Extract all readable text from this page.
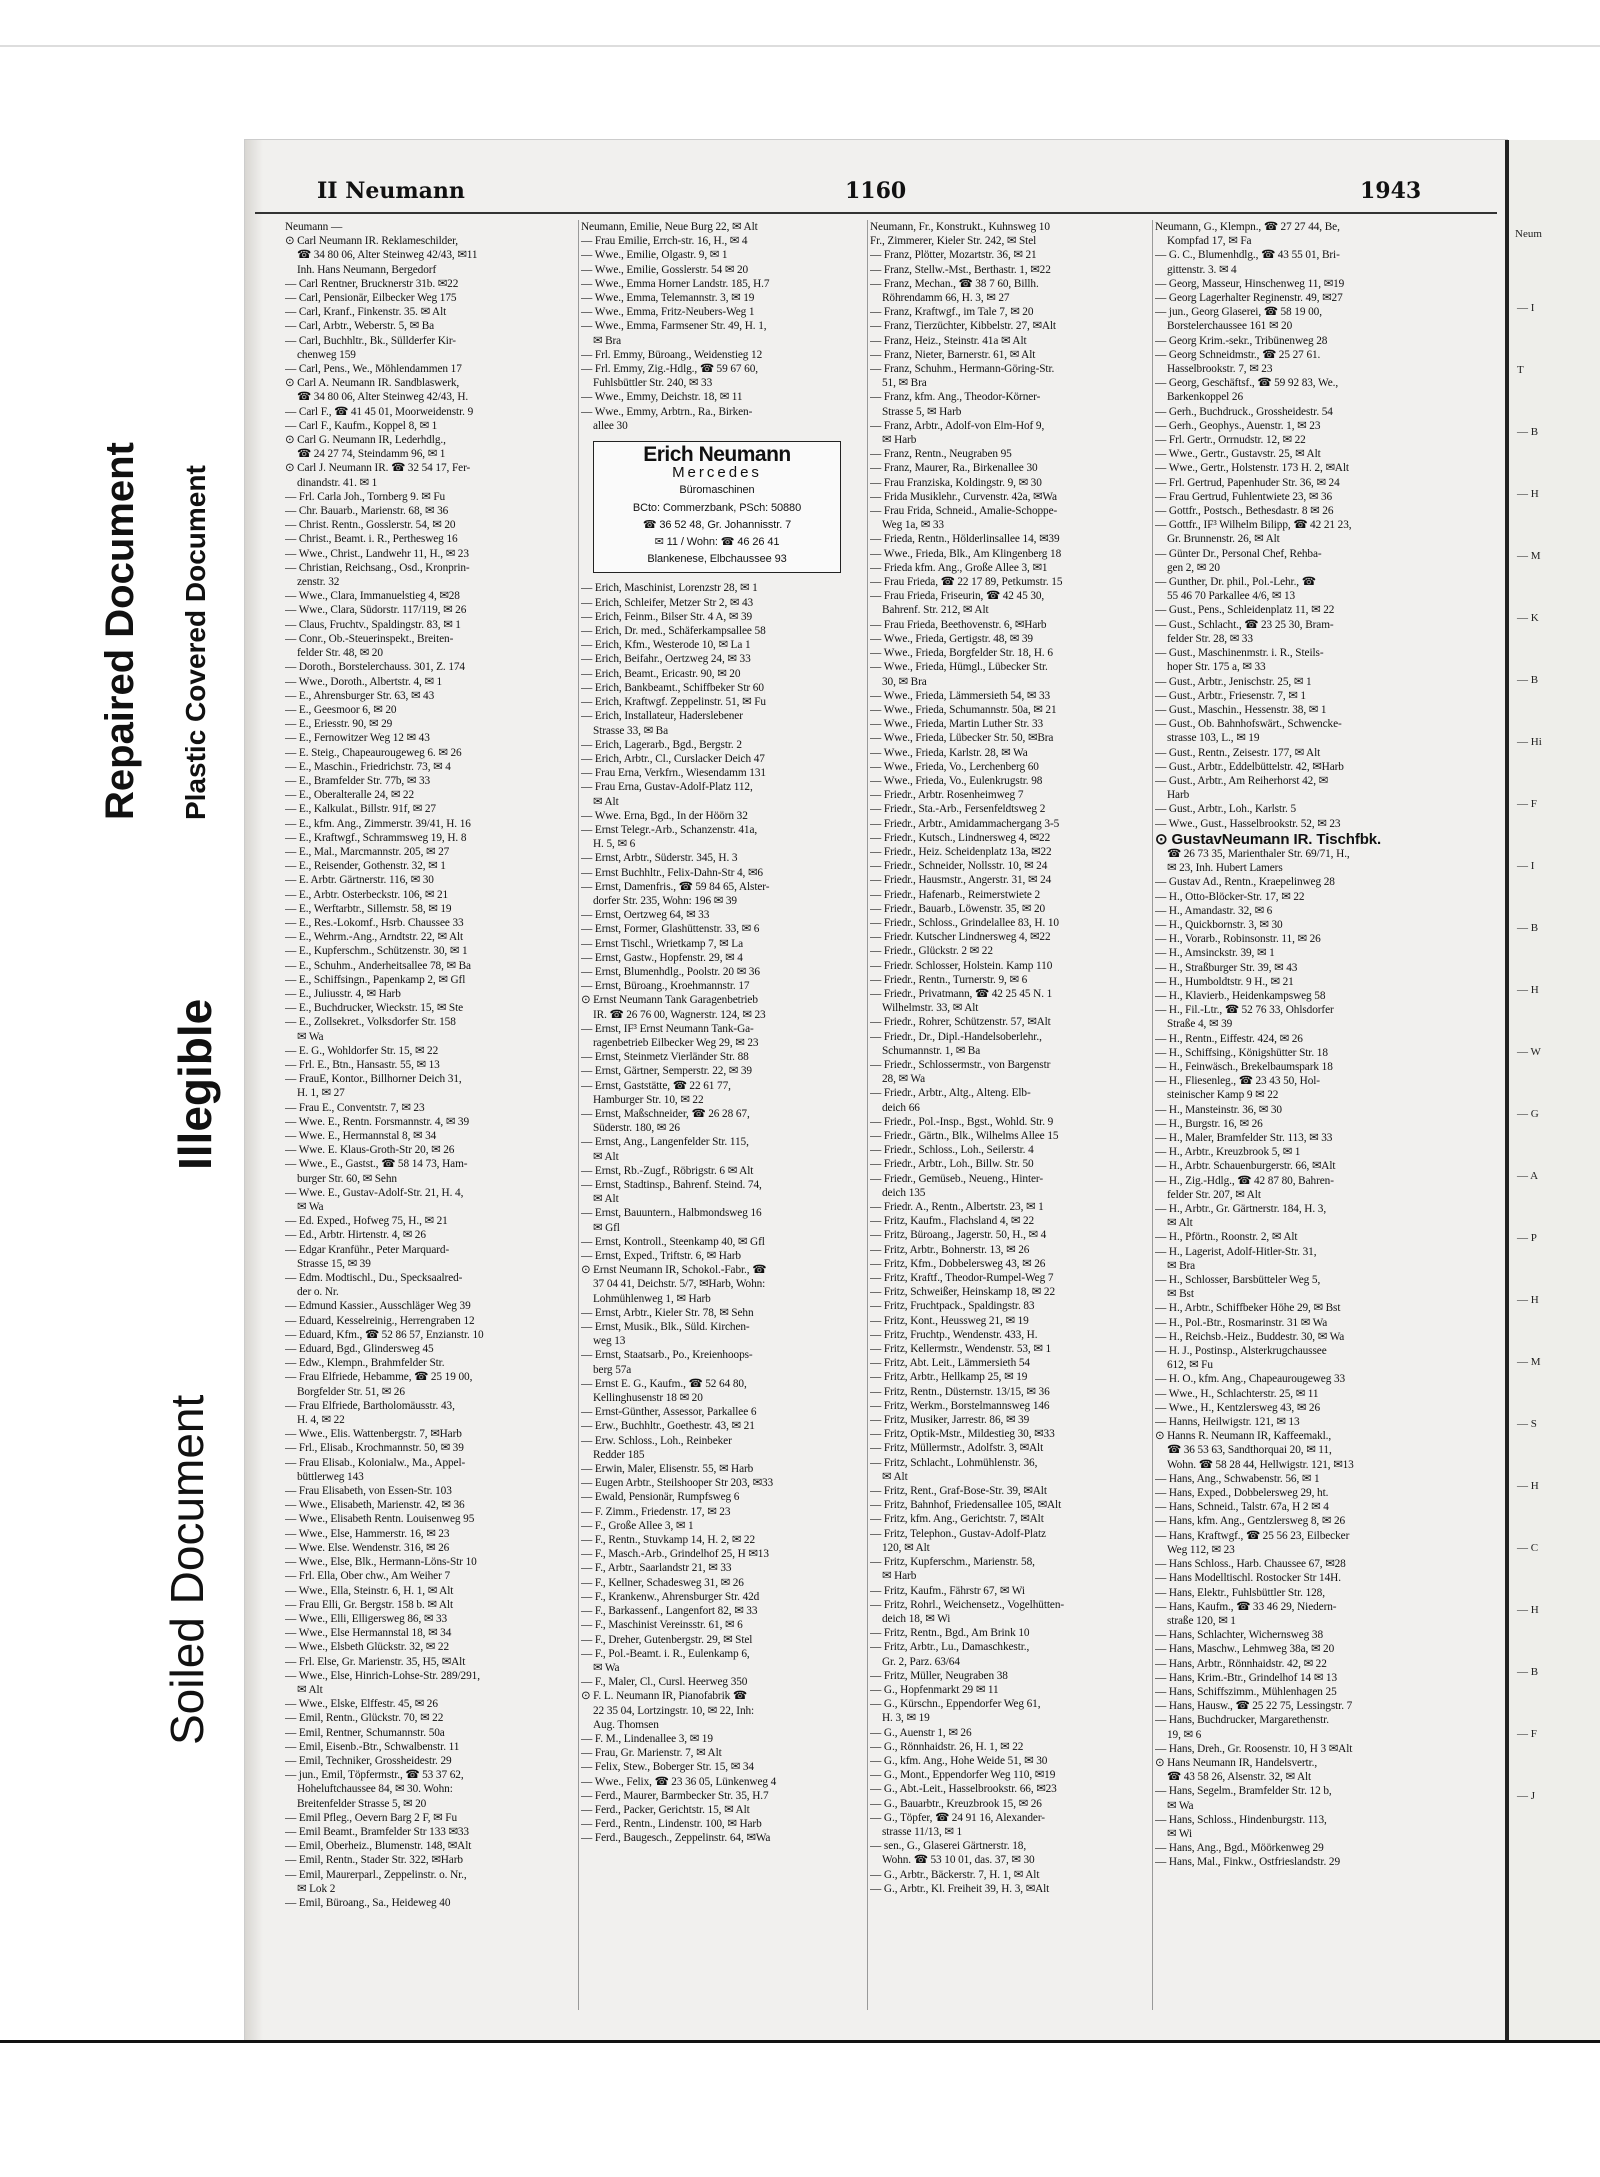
Repaired Document Plastic Covered Document
Illegible
Soiled Document
II Neumann	1160	1943
Neumann —
⊙ Carl Neumann IR. Reklameschilder,
☎ 34 80 06, Alter Steinweg 42/43, ✉11
Inh. Hans Neumann, Bergedorf
— Carl Rentner, Brucknerstr 31b. ✉22
— Carl, Pensionär, Eilbecker Weg 175
— Carl, Kranf., Finkenstr. 35. ✉ Alt
— Carl, Arbtr., Weberstr. 5, ✉ Ba
— Carl, Buchhltr., Bk., Süllderfer Kir-
chenweg 159
— Carl, Pens., We., Möhlendammen 17
⊙ Carl A. Neumann IR. Sandblaswerk,
☎ 34 80 06, Alter Steinweg 42/43, H.
— Carl F., ☎ 41 45 01, Moorweidenstr. 9
— Carl F., Kaufm., Koppel 8, ✉ 1
⊙ Carl G. Neumann IR, Lederhdlg.,
☎ 24 27 74, Steindamm 96, ✉ 1
⊙ Carl J. Neumann IR. ☎ 32 54 17, Fer-
dinandstr. 41. ✉ 1
— Frl. Carla Joh., Tornberg 9. ✉ Fu
— Chr. Bauarb., Marienstr. 68, ✉ 36
— Christ. Rentn., Gosslerstr. 54, ✉ 20
— Christ., Beamt. i. R., Perthesweg 16
— Wwe., Christ., Landwehr 11, H., ✉ 23
— Christian, Reichsang., Osd., Kronprin-
zenstr. 32
— Wwe., Clara, Immanuelstieg 4, ✉28
— Wwe., Clara, Südorstr. 117/119, ✉ 26
— Claus, Fruchtv., Spaldingstr. 83, ✉ 1
— Conr., Ob.-Steuerinspekt., Breiten-
felder Str. 48, ✉ 20
— Doroth., Borstelerchauss. 301, Z. 174
— Wwe., Doroth., Albertstr. 4, ✉ 1
— E., Ahrensburger Str. 63, ✉ 43
— E., Geesmoor 6, ✉ 20
— E., Eriesstr. 90, ✉ 29
— E., Fernowitzer Weg 12 ✉ 43
— E. Steig., Chapeaurougeweg 6. ✉ 26
— E., Maschin., Friedrichstr. 73, ✉ 4
— E., Bramfelder Str. 77b, ✉ 33
— E., Oberalteralle 24, ✉ 22
— E., Kalkulat., Billstr. 91f, ✉ 27
— E., kfm. Ang., Zimmerstr. 39/41, H. 16
— E., Kraftwgf., Schrammsweg 19, H. 8
— E., Mal., Marcmannstr. 205, ✉ 27
— E., Reisender, Gothenstr. 32, ✉ 1
— E. Arbtr. Gärtnerstr. 116, ✉ 30
— E., Arbtr. Osterbeckstr. 106, ✉ 21
— E., Werftarbtr., Sillemstr. 58, ✉ 19
— E., Res.-Lokomf., Hsrb. Chaussee 33
— E., Wehrm.-Ang., Arndtstr. 22, ✉ Alt
— E., Kupferschm., Schützenstr. 30, ✉ 1
— E., Schuhm., Anderheitsallee 78, ✉ Ba
— E., Schiffsingn., Papenkamp 2, ✉ Gfl
— E., Juliusstr. 4, ✉ Harb
— E., Buchdrucker, Wieckstr. 15, ✉ Ste
— E., Zollsekret., Volksdorfer Str. 158
✉ Wa
— E. G., Wohldorfer Str. 15, ✉ 22
— Frl. E., Btn., Hansastr. 55, ✉ 13
— FrauE, Kontor., Billhorner Deich 31,
H. 1, ✉ 27
— Frau E., Conventstr. 7, ✉ 23
— Wwe. E., Rentn. Forsmannstr. 4, ✉ 39
— Wwe. E., Hermannstal 8, ✉ 34
— Wwe. E. Klaus-Groth-Str 20, ✉ 26
— Wwe., E., Gastst., ☎ 58 14 73, Ham-
burger Str. 60, ✉ Sehn
— Wwe. E., Gustav-Adolf-Str. 21, H. 4,
✉ Wa
— Ed. Exped., Hofweg 75, H., ✉ 21
— Ed., Arbtr. Hirtenstr. 4, ✉ 26
— Edgar Kranführ., Peter Marquard-
Strasse 15, ✉ 39
— Edm. Modtischl., Du., Specksaalred-
der o. Nr.
— Edmund Kassier., Ausschläger Weg 39
— Eduard, Kesselreinig., Herrengraben 12
— Eduard, Kfm., ☎ 52 86 57, Enzianstr. 10
— Eduard, Bgd., Glindersweg 45
— Edw., Klempn., Brahmfelder Str.
— Frau Elfriede, Hebamme, ☎ 25 19 00,
Borgfelder Str. 51, ✉ 26
— Frau Elfriede, Bartholomäusstr. 43,
H. 4, ✉ 22
— Wwe., Elis. Wattenbergstr. 7, ✉Harb
— Frl., Elisab., Krochmannstr. 50, ✉ 39
— Frau Elisab., Kolonialw., Ma., Appel-
büttlerweg 143
— Frau Elisabeth, von Essen-Str. 103
— Wwe., Elisabeth, Marienstr. 42, ✉ 36
— Wwe., Elisabeth Rentn. Louisenweg 95
— Wwe., Else, Hammerstr. 16, ✉ 23
— Wwe. Else. Wendenstr. 316, ✉ 26
— Wwe., Else, Blk., Hermann-Löns-Str 10
— Frl. Ella, Ober chw., Am Weiher 7
— Wwe., Ella, Steinstr. 6, H. 1, ✉ Alt
— Frau Elli, Gr. Bergstr. 158 b. ✉ Alt
— Wwe., Elli, Elligersweg 86, ✉ 33
— Wwe., Else Hermannstal 18, ✉ 34
— Wwe., Elsbeth Glückstr. 32, ✉ 22
— Frl. Else, Gr. Marienstr. 35, H5, ✉Alt
— Wwe., Else, Hinrich-Lohse-Str. 289/291,
✉ Alt
— Wwe., Elske, Elffestr. 45, ✉ 26
— Emil, Rentn., Glückstr. 70, ✉ 22
— Emil, Rentner, Schumannstr. 50a
— Emil, Eisenb.-Btr., Schwalbenstr. 11
— Emil, Techniker, Grossheidestr. 29
— jun., Emil, Töpfermstr., ☎ 53 37 62,
Hoheluftchaussee 84, ✉ 30. Wohn:
Breitenfelder Strasse 5, ✉ 20
— Emil Pfleg., Oevern Barg 2 F, ✉ Fu
— Emil Beamt., Bramfelder Str 133 ✉33
— Emil, Oberheiz., Blumenstr. 148, ✉Alt
— Emil, Rentn., Stader Str. 322, ✉Harb
— Emil, Maurerparl., Zeppelinstr. o. Nr.,
✉ Lok 2
— Emil, Büroang., Sa., Heideweg 40
Neumann, Emilie, Neue Burg 22, ✉ Alt
— Frau Emilie, Errch-str. 16, H., ✉ 4
— Wwe., Emilie, Olgastr. 9, ✉ 1
— Wwe., Emilie, Gosslerstr. 54 ✉ 20
— Wwe., Emma Horner Landstr. 185, H.7
— Wwe., Emma, Telemannstr. 3, ✉ 19
— Wwe., Emma, Fritz-Neubers-Weg 1
— Wwe., Emma, Farmsener Str. 49, H. 1,
✉ Bra
— Frl. Emmy, Büroang., Weidenstieg 12
— Frl. Emmy, Zig.-Hdlg., ☎ 59 67 60,
Fuhlsbüttler Str. 240, ✉ 33
— Wwe., Emmy, Deichstr. 18, ✉ 11
— Wwe., Emmy, Arbtrn., Ra., Birken-
allee 30
Erich Neumann
Mercedes
Büromaschinen
BCto: Commerzbank, PSch: 50880
☎ 36 52 48, Gr. Johannisstr. 7
✉ 11 / Wohn: ☎ 46 26 41
Blankenese, Elbchaussee 93
— Erich, Maschinist, Lorenzstr 28, ✉ 1
— Erich, Schleifer, Metzer Str 2, ✉ 43
— Erich, Feinm., Bilser Str. 4 A, ✉ 39
— Erich, Dr. med., Schäferkampsallee 58
— Erich, Kfm., Westerode 10, ✉ La 1
— Erich, Beifahr., Oertzweg 24, ✉ 33
— Erich, Beamt., Ericastr. 90, ✉ 20
— Erich, Bankbeamt., Schiffbeker Str 60
— Erich, Kraftwgf. Zeppelinstr. 51, ✉ Fu
— Erich, Installateur, Haderslebener
Strasse 33, ✉ Ba
— Erich, Lagerarb., Bgd., Bergstr. 2
— Erich, Arbtr., Cl., Curslacker Deich 47
— Frau Erna, Verkfrn., Wiesendamm 131
— Frau Erna, Gustav-Adolf-Platz 112,
✉ Alt
— Wwe. Erna, Bgd., In der Höörn 32
— Ernst Telegr.-Arb., Schanzenstr. 41a,
H. 5, ✉ 6
— Ernst, Arbtr., Süderstr. 345, H. 3
— Ernst Buchhltr., Felix-Dahn-Str 4, ✉6
— Ernst, Damenfris., ☎ 59 84 65, Alster-
dorfer Str. 235, Wohn: 196 ✉ 39
— Ernst, Oertzweg 64, ✉ 33
— Ernst, Former, Glashüttenstr. 33, ✉ 6
— Ernst Tischl., Wrietkamp 7, ✉ La
— Ernst, Gastw., Hopfenstr. 29, ✉ 4
— Ernst, Blumenhdlg., Poolstr. 20 ✉ 36
— Ernst, Büroang., Kroehmannstr. 17
⊙ Ernst Neumann Tank Garagenbetrieb
IR. ☎ 26 76 00, Wagnerstr. 124, ✉ 23
— Ernst, IF³ Ernst Neumann Tank-Ga-
ragenbetrieb Eilbecker Weg 29, ✉ 23
— Ernst, Steinmetz Vierländer Str. 88
— Ernst, Gärtner, Semperstr. 22, ✉ 39
— Ernst, Gaststätte, ☎ 22 61 77,
Hamburger Str. 10, ✉ 22
— Ernst, Maßschneider, ☎ 26 28 67,
Süderstr. 180, ✉ 26
— Ernst, Ang., Langenfelder Str. 115,
✉ Alt
— Ernst, Rb.-Zugf., Röbrigstr. 6 ✉ Alt
— Ernst, Stadtinsp., Bahrenf. Steind. 74,
✉ Alt
— Ernst, Bauuntern., Halbmondsweg 16
✉ Gfl
— Ernst, Kontroll., Steenkamp 40, ✉ Gfl
— Ernst, Exped., Triftstr. 6, ✉ Harb
⊙ Ernst Neumann IR, Schokol.-Fabr., ☎
37 04 41, Deichstr. 5/7, ✉Harb, Wohn:
Lohmühlenweg 1, ✉ Harb
— Ernst, Arbtr., Kieler Str. 78, ✉ Sehn
— Ernst, Musik., Blk., Süld. Kirchen-
weg 13
— Ernst, Staatsarb., Po., Kreienhoops-
berg 57a
— Ernst E. G., Kaufm., ☎ 52 64 80,
Kellinghusenstr 18 ✉ 20
— Ernst-Günther, Assessor, Parkallee 6
— Erw., Buchhltr., Goethestr. 43, ✉ 21
— Erw. Schloss., Loh., Reinbeker
Redder 185
— Erwin, Maler, Elisenstr. 55, ✉ Harb
— Eugen Arbtr., Steilshooper Str 203, ✉33
— Ewald, Pensionär, Rumpfsweg 6
— F. Zimm., Friedenstr. 17, ✉ 23
— F., Große Allee 3, ✉ 1
— F., Rentn., Stuvkamp 14, H. 2, ✉ 22
— F., Masch.-Arb., Grindelhof 25, H ✉13
— F., Arbtr., Saarlandstr 21, ✉ 33
— F., Kellner, Schadesweg 31, ✉ 26
— F., Krankenw., Ahrensburger Str. 42d
— F., Barkassenf., Langenfort 82, ✉ 33
— F., Maschinist Vereinsstr. 61, ✉ 6
— F., Dreher, Gutenbergstr. 29, ✉ Stel
— F., Pol.-Beamt. i. R., Eulenkamp 6,
✉ Wa
— F., Maler, Cl., Cursl. Heerweg 350
⊙ F. L. Neumann IR, Pianofabrik ☎
22 35 04, Lortzingstr. 10, ✉ 22, Inh:
Aug. Thomsen
— F. M., Lindenallee 3, ✉ 19
— Frau, Gr. Marienstr. 7, ✉ Alt
— Felix, Stew., Boberger Str. 15, ✉ 34
— Wwe., Felix, ☎ 23 36 05, Lünkenweg 4
— Ferd., Maurer, Barmbecker Str. 35, H.7
— Ferd., Packer, Gerichtstr. 15, ✉ Alt
— Ferd., Rentn., Lindenstr. 100, ✉ Harb
— Ferd., Baugesch., Zeppelinstr. 64, ✉Wa
Neumann, Fr., Konstrukt., Kuhnsweg 10
Fr., Zimmerer, Kieler Str. 242, ✉ Stel
— Franz, Plötter, Mozartstr. 36, ✉ 21
— Franz, Stellw.-Mst., Berthastr. 1, ✉22
— Franz, Mechan., ☎ 38 7 60, Billh.
Röhrendamm 66, H. 3, ✉ 27
— Franz, Kraftwgf., im Tale 7, ✉ 20
— Franz, Tierzüchter, Kibbelstr. 27, ✉Alt
— Franz, Heiz., Steinstr. 41a ✉ Alt
— Franz, Nieter, Barnerstr. 61, ✉ Alt
— Franz, Schuhm., Hermann-Göring-Str.
51, ✉ Bra
— Franz, kfm. Ang., Theodor-Körner-
Strasse 5, ✉ Harb
— Franz, Arbtr., Adolf-von Elm-Hof 9,
✉ Harb
— Franz, Rentn., Neugraben 95
— Franz, Maurer, Ra., Birkenallee 30
— Frau Franziska, Koldingstr. 9, ✉ 30
— Frida Musiklehr., Curvenstr. 42a, ✉Wa
— Frau Frida, Schneid., Amalie-Schoppe-
Weg 1a, ✉ 33
— Frieda, Rentn., Hölderlinsallee 14, ✉39
— Wwe., Frieda, Blk., Am Klingenberg 18
— Frieda kfm. Ang., Große Allee 3, ✉1
— Frau Frieda, ☎ 22 17 89, Petkumstr. 15
— Frau Frieda, Friseurin, ☎ 42 45 30,
Bahrenf. Str. 212, ✉ Alt
— Frau Frieda, Beethovenstr. 6, ✉Harb
— Wwe., Frieda, Gertigstr. 48, ✉ 39
— Wwe., Frieda, Borgfelder Str. 18, H. 6
— Wwe., Frieda, Hümgl., Lübecker Str.
30, ✉ Bra
— Wwe., Frieda, Lämmersieth 54, ✉ 33
— Wwe., Frieda, Schumannstr. 50a, ✉ 21
— Wwe., Frieda, Martin Luther Str. 33
— Wwe., Frieda, Lübecker Str. 50, ✉Bra
— Wwe., Frieda, Karlstr. 28, ✉ Wa
— Wwe., Frieda, Vo., Lerchenberg 60
— Wwe., Frieda, Vo., Eulenkrugstr. 98
— Friedr., Arbtr. Rosenheimweg 7
— Friedr., Sta.-Arb., Fersenfeldtsweg 2
— Friedr., Arbtr., Amidammachergang 3-5
— Friedr., Kutsch., Lindnersweg 4, ✉22
— Friedr., Heiz. Scheidenplatz 13a, ✉22
— Friedr., Schneider, Nollsstr. 10, ✉ 24
— Friedr., Hausmstr., Angerstr. 31, ✉ 24
— Friedr., Hafenarb., Reimerstwiete 2
— Friedr., Bauarb., Löwenstr. 35, ✉ 20
— Friedr., Schloss., Grindelallee 83, H. 10
— Friedr. Kutscher Lindnersweg 4, ✉22
— Friedr., Glückstr. 2 ✉ 22
— Friedr. Schlosser, Holstein. Kamp 110
— Friedr., Rentn., Turnerstr. 9, ✉ 6
— Friedr., Privatmann, ☎ 42 25 45 N. 1
Wilhelmstr. 33, ✉ Alt
— Friedr., Rohrer, Schützenstr. 57, ✉Alt
— Friedr., Dr., Dipl.-Handelsoberlehr.,
Schumannstr. 1, ✉ Ba
— Friedr., Schlossermstr., von Bargenstr
28, ✉ Wa
— Friedr., Arbtr., Altg., Alteng. Elb-
deich 66
— Friedr., Pol.-Insp., Bgst., Wohld. Str. 9
— Friedr., Gärtn., Blk., Wilhelms Allee 15
— Friedr., Schloss., Loh., Seilerstr. 4
— Friedr., Arbtr., Loh., Billw. Str. 50
— Friedr., Gemüseb., Neueng., Hinter-
deich 135
— Friedr. A., Rentn., Albertstr. 23, ✉ 1
— Fritz, Kaufm., Flachsland 4, ✉ 22
— Fritz, Büroang., Jagerstr. 50, H., ✉ 4
— Fritz, Arbtr., Bohnerstr. 13, ✉ 26
— Fritz, Kfm., Dobbelersweg 43, ✉ 26
— Fritz, Kraftf., Theodor-Rumpel-Weg 7
— Fritz, Schweißer, Heinskamp 18, ✉ 22
— Fritz, Fruchtpack., Spaldingstr. 83
— Fritz, Kont., Heussweg 21, ✉ 19
— Fritz, Fruchtp., Wendenstr. 433, H.
— Fritz, Kellermstr., Wendenstr. 53, ✉ 1
— Fritz, Abt. Leit., Lämmersieth 54
— Fritz, Arbtr., Hellkamp 25, ✉ 19
— Fritz, Rentn., Düsternstr. 13/15, ✉ 36
— Fritz, Werkm., Borstelmannsweg 146
— Fritz, Musiker, Jarrestr. 86, ✉ 39
— Fritz, Optik-Mstr., Mildestieg 30, ✉33
— Fritz, Müllermstr., Adolfstr. 3, ✉Alt
— Fritz, Schlacht., Lohmühlenstr. 36,
✉ Alt
— Fritz, Rent., Graf-Bose-Str. 39, ✉Alt
— Fritz, Bahnhof, Friedensallee 105, ✉Alt
— Fritz, kfm. Ang., Gerichtstr. 7, ✉Alt
— Fritz, Telephon., Gustav-Adolf-Platz
120, ✉ Alt
— Fritz, Kupferschm., Marienstr. 58,
✉ Harb
— Fritz, Kaufm., Fährstr 67, ✉ Wi
— Fritz, Rohrl., Weichensetz., Vogelhütten-
deich 18, ✉ Wi
— Fritz, Rentn., Bgd., Am Brink 10
— Fritz, Arbtr., Lu., Damaschkestr.,
Gr. 2, Parz. 63/64
— Fritz, Müller, Neugraben 38
— G., Hopfenmarkt 29 ✉ 11
— G., Kürschn., Eppendorfer Weg 61,
H. 3, ✉ 19
— G., Auenstr 1, ✉ 26
— G., Rönnhaidstr. 26, H. 1, ✉ 22
— G., kfm. Ang., Hohe Weide 51, ✉ 30
— G., Mont., Eppendorfer Weg 110, ✉19
— G., Abt.-Leit., Hasselbrookstr. 66, ✉23
— G., Bauarbtr., Kreuzbrook 15, ✉ 26
— G., Töpfer, ☎ 24 91 16, Alexander-
strasse 11/13, ✉ 1
— sen., G., Glaserei Gärtnerstr. 18,
Wohn. ☎ 53 10 01, das. 37, ✉ 30
— G., Arbtr., Bäckerstr. 7, H. 1, ✉ Alt
— G., Arbtr., Kl. Freiheit 39, H. 3, ✉Alt
Neumann, G., Klempn., ☎ 27 27 44, Be,
Kompfad 17, ✉ Fa
— G. C., Blumenhdlg., ☎ 43 55 01, Bri-
gittenstr. 3. ✉ 4
— Georg, Masseur, Hinschenweg 11, ✉19
— Georg Lagerhalter Reginenstr. 49, ✉27
— jun., Georg Glaserei, ☎ 58 19 00,
Borstelerchaussee 161 ✉ 20
— Georg Krim.-sekr., Tribünenweg 28
— Georg Schneidmstr., ☎ 25 27 61.
Hasselbrookstr. 7, ✉ 23
— Georg, Geschäftsf., ☎ 59 92 83, We.,
Barkenkoppel 26
— Gerh., Buchdruck., Grossheidestr. 54
— Gerh., Geophys., Auenstr. 1, ✉ 23
— Frl. Gertr., Orrnudstr. 12, ✉ 22
— Wwe., Gertr., Gustavstr. 25, ✉ Alt
— Wwe., Gertr., Holstenstr. 173 H. 2, ✉Alt
— Frl. Gertrud, Papenhuder Str. 36, ✉ 24
— Frau Gertrud, Fuhlentwiete 23, ✉ 36
— Gottfr., Postsch., Bethesdastr. 8 ✉ 26
— Gottfr., IF³ Wilhelm Bilipp, ☎ 42 21 23,
Gr. Brunnenstr. 26, ✉ Alt
— Günter Dr., Personal Chef, Rehba-
gen 2, ✉ 20
— Gunther, Dr. phil., Pol.-Lehr., ☎
55 46 70 Parkallee 4/6, ✉ 13
— Gust., Pens., Schleidenplatz 11, ✉ 22
— Gust., Schlacht., ☎ 23 25 30, Bram-
felder Str. 28, ✉ 33
— Gust., Maschinenmstr. i. R., Steils-
hoper Str. 175 a, ✉ 33
— Gust., Arbtr., Jenischstr. 25, ✉ 1
— Gust., Arbtr., Friesenstr. 7, ✉ 1
— Gust., Maschin., Hessenstr. 38, ✉ 1
— Gust., Ob. Bahnhofswärt., Schwencke-
strasse 103, L., ✉ 19
— Gust., Rentn., Zeisestr. 177, ✉ Alt
— Gust., Arbtr., Eddelbüttelstr. 42, ✉Harb
— Gust., Arbtr., Am Reiherhorst 42, ✉
Harb
— Gust., Arbtr., Loh., Karlstr. 5
— Wwe., Gust., Hasselbrookstr. 52, ✉ 23
⊙ GustavNeumann IR. Tischfbk.
☎ 26 73 35, Marienthaler Str. 69/71, H.,
✉ 23, Inh. Hubert Lamers
— Gustav Ad., Rentn., Kraepelinweg 28
— H., Otto-Blöcker-Str. 17, ✉ 22
— H., Amandastr. 32, ✉ 6
— H., Quickbornstr. 3, ✉ 30
— H., Vorarb., Robinsonstr. 11, ✉ 26
— H., Amsinckstr. 39, ✉ 1
— H., Straßburger Str. 39, ✉ 43
— H., Humboldtstr. 9 H., ✉ 21
— H., Klavierb., Heidenkampsweg 58
— H., Fil.-Ltr., ☎ 52 76 33, Ohlsdorfer
Straße 4, ✉ 39
— H., Rentn., Eiffestr. 424, ✉ 26
— H., Schiffsing., Königshütter Str. 18
— H., Feinwäsch., Brekelbaumspark 18
— H., Fliesenleg., ☎ 23 43 50, Hol-
steinischer Kamp 9 ✉ 22
— H., Mansteinstr. 36, ✉ 30
— H., Burgstr. 16, ✉ 26
— H., Maler, Bramfelder Str. 113, ✉ 33
— H., Arbtr., Kreuzbrook 5, ✉ 1
— H., Arbtr. Schauenburgerstr. 66, ✉Alt
— H., Zig.-Hdlg., ☎ 42 87 80, Bahren-
felder Str. 207, ✉ Alt
— H., Arbtr., Gr. Gärtnerstr. 184, H. 3,
✉ Alt
— H., Pförtn., Roonstr. 2, ✉ Alt
— H., Lagerist, Adolf-Hitler-Str. 31,
✉ Bra
— H., Schlosser, Barsbütteler Weg 5,
✉ Bst
— H., Arbtr., Schiffbeker Höhe 29, ✉ Bst
— H., Pol.-Btr., Rosmarinstr. 31 ✉ Wa
— H., Reichsb.-Heiz., Buddestr. 30, ✉ Wa
— H. J., Postinsp., Alsterkrugchaussee
612, ✉ Fu
— H. O., kfm. Ang., Chapeaurougeweg 33
— Wwe., H., Schlachterstr. 25, ✉ 11
— Wwe., H., Kentzlersweg 43, ✉ 26
— Hanns, Heilwigstr. 121, ✉ 13
⊙ Hanns R. Neumann IR, Kaffeemakl.,
☎ 36 53 63, Sandthorquai 20, ✉ 11,
Wohn. ☎ 58 28 44, Hellwigstr. 121, ✉13
— Hans, Ang., Schwabenstr. 56, ✉ 1
— Hans, Exped., Dobbelersweg 29, ht.
— Hans, Schneid., Talstr. 67a, H 2 ✉ 4
— Hans, kfm. Ang., Gentzlersweg 8, ✉ 26
— Hans, Kraftwgf., ☎ 25 56 23, Eilbecker
Weg 112, ✉ 23
— Hans Schloss., Harb. Chaussee 67, ✉28
— Hans Modelltischl. Rostocker Str 14H.
— Hans, Elektr., Fuhlsbüttler Str. 128,
— Hans, Kaufm., ☎ 33 46 29, Niedern-
straße 120, ✉ 1
— Hans, Schlachter, Wichernsweg 38
— Hans, Maschw., Lehmweg 38a, ✉ 20
— Hans, Arbtr., Rönnhaidstr. 42, ✉ 22
— Hans, Krim.-Btr., Grindelhof 14 ✉ 13
— Hans, Schiffszimm., Mühlenhagen 25
— Hans, Hausw., ☎ 25 22 75, Lessingstr. 7
— Hans, Buchdrucker, Margarethenstr.
19, ✉ 6
— Hans, Dreh., Gr. Roosenstr. 10, H 3 ✉Alt
⊙ Hans Neumann IR, Handelsvertr.,
☎ 43 58 26, Alsenstr. 32, ✉ Alt
— Hans, Segelm., Bramfelder Str. 12 b,
✉ Wa
— Hans, Schloss., Hindenburgstr. 113,
✉ Wi
— Hans, Ang., Bgd., Möörkenweg 29
— Hans, Mal., Finkw., Ostfrieslandstr. 29
Neum
— I
T
— B
— H
— M
— K
— B
— Hi
— F
— I
— B
— H
— W
— G
— A
— P
— H
— M
— S
— H
— C
— H
— B
— F
— J
